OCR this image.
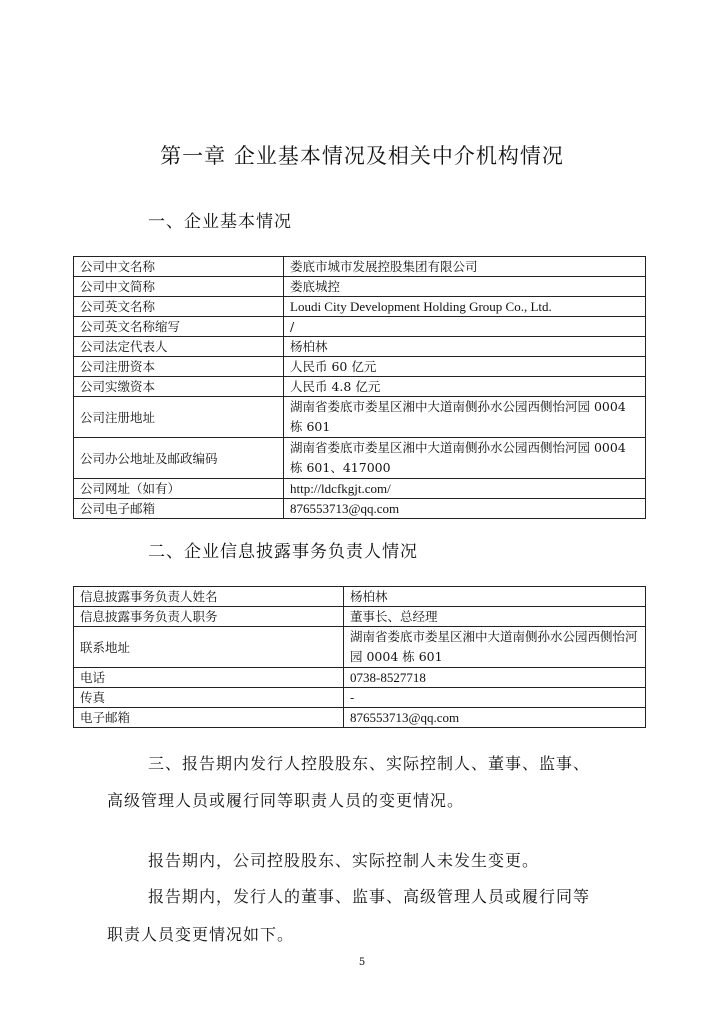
第一章 企业基本情况及相关中介机构情况
一、企业基本情况
公司中文名称	娄底市城市发展控股集团有限公司
公司中文简称	娄底城控
公司英文名称	Loudi City Development Holding Group Co., Ltd.
公司英文名称缩写	/
公司法定代表人	杨柏林
公司注册资本	人民币 60 亿元
公司实缴资本	人民币 4.8 亿元
公司注册地址	湖南省娄底市娄星区湘中大道南侧孙水公园西侧怡河园 0004 栋 601
公司办公地址及邮政编码	湖南省娄底市娄星区湘中大道南侧孙水公园西侧怡河园 0004 栋 601、417000
公司网址（如有）	http://ldcfkgjt.com/
公司电子邮箱	876553713@qq.com
二、企业信息披露事务负责人情况
信息披露事务负责人姓名	杨柏林
信息披露事务负责人职务	董事长、总经理
联系地址	湖南省娄底市娄星区湘中大道南侧孙水公园西侧怡河园 0004 栋 601
电话	0738-8527718
传真	-
电子邮箱	876553713@qq.com
三、报告期内发行人控股股东、实际控制人、董事、监事、
高级管理人员或履行同等职责人员的变更情况。
报告期内，公司控股股东、实际控制人未发生变更。
报告期内，发行人的董事、监事、高级管理人员或履行同等
职责人员变更情况如下。
5
